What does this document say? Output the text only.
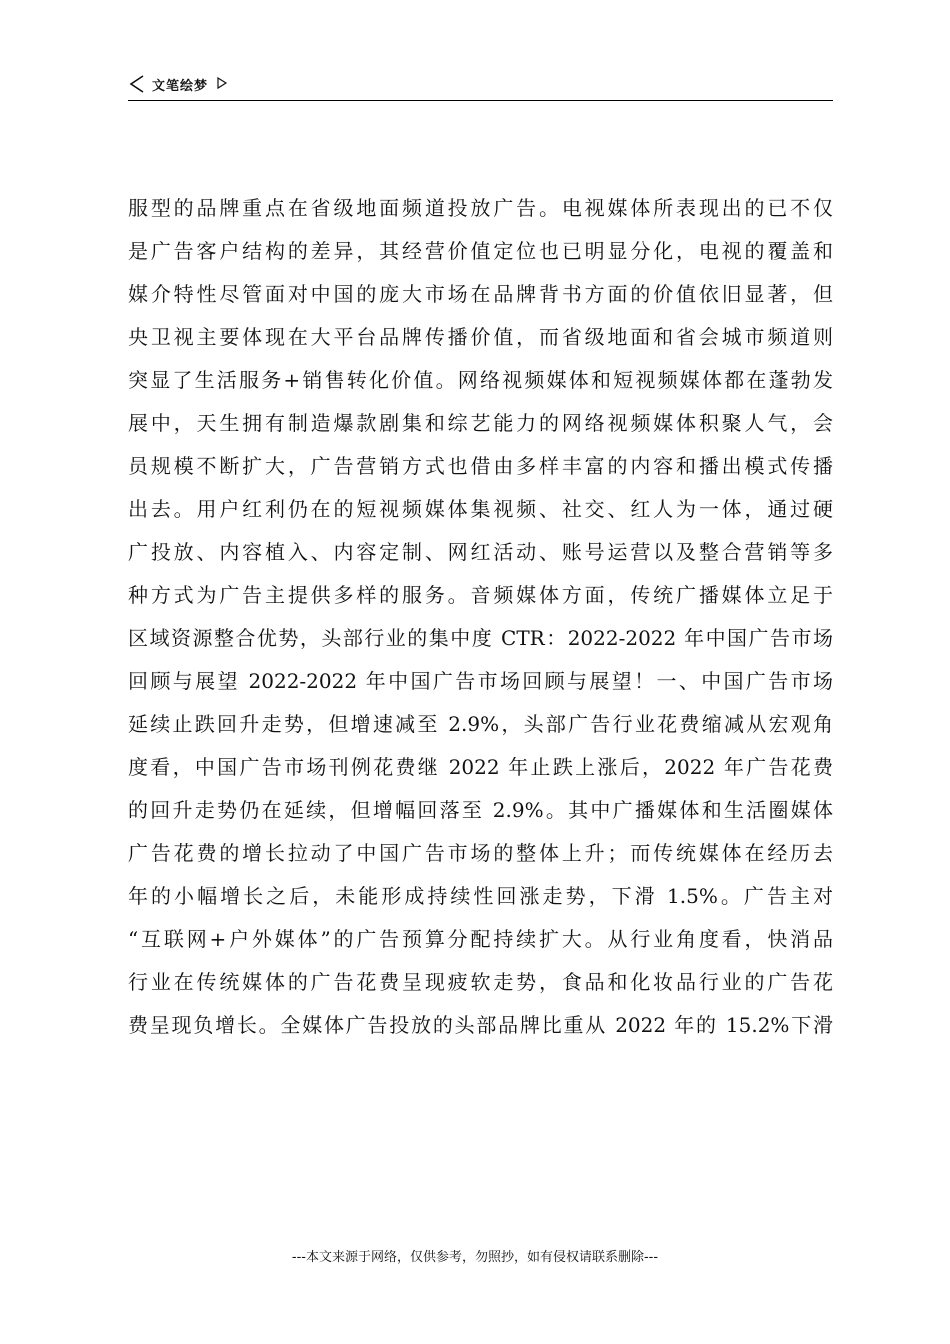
文笔绘梦
服型的品牌重点在省级地面频道投放广告。电视媒体所表现出的已不仅
是广告客户结构的差异，其经营价值定位也已明显分化，电视的覆盖和
媒介特性尽管面对中国的庞大市场在品牌背书方面的价值依旧显著，但
央卫视主要体现在大平台品牌传播价值，而省级地面和省会城市频道则
突显了生活服务+销售转化价值。网络视频媒体和短视频媒体都在蓬勃发
展中，天生拥有制造爆款剧集和综艺能力的网络视频媒体积聚人气，会
员规模不断扩大，广告营销方式也借由多样丰富的内容和播出模式传播
出去。用户红利仍在的短视频媒体集视频、社交、红人为一体，通过硬
广投放、内容植入、内容定制、网红活动、账号运营以及整合营销等多
种方式为广告主提供多样的服务。音频媒体方面，传统广播媒体立足于
区域资源整合优势，头部行业的集中度 CTR：2022-2022 年中国广告市场
回顾与展望 2022-2022 年中国广告市场回顾与展望！一、中国广告市场
延续止跌回升走势，但增速减至 2.9%，头部广告行业花费缩减从宏观角
度看，中国广告市场刊例花费继 2022 年止跌上涨后，2022 年广告花费
的回升走势仍在延续，但增幅回落至 2.9%。其中广播媒体和生活圈媒体
广告花费的增长拉动了中国广告市场的整体上升；而传统媒体在经历去
年的小幅增长之后，未能形成持续性回涨走势，下滑 1.5%。广告主对
“互联网+户外媒体”的广告预算分配持续扩大。从行业角度看，快消品
行业在传统媒体的广告花费呈现疲软走势，食品和化妆品行业的广告花
费呈现负增长。全媒体广告投放的头部品牌比重从 2022 年的 15.2%下滑
---本文来源于网络，仅供参考，勿照抄，如有侵权请联系删除---
